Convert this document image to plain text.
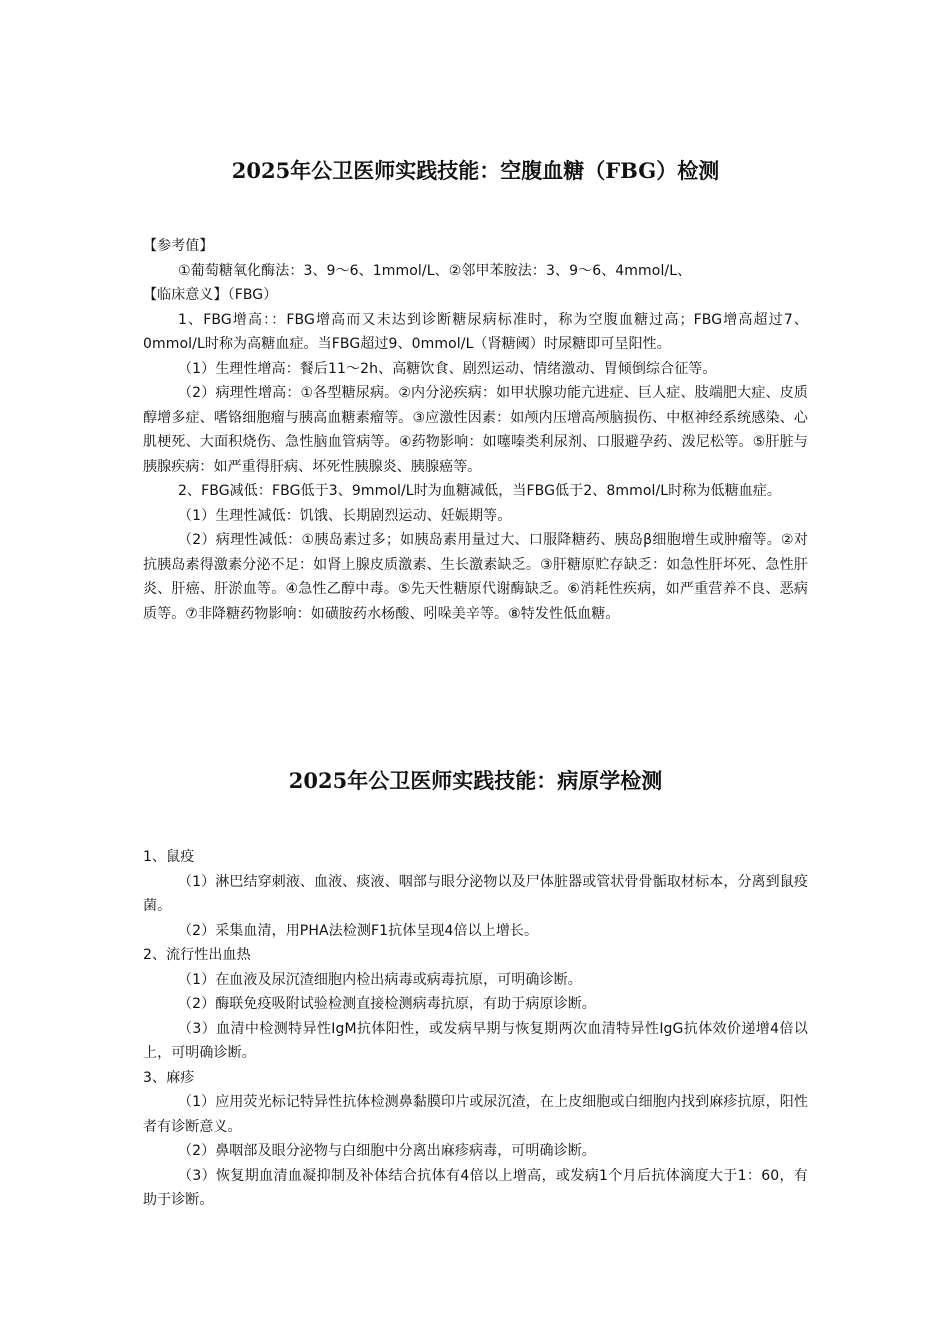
2025年公卫医师实践技能：空腹血糖（FBG）检测

【参考值】

①葡萄糖氧化酶法：3、9～6、1mmol/L、②邻甲苯胺法：3、9～6、4mmol/L、

【临床意义】（FBG）

1、FBG增高：：FBG增高而又未达到诊断糖尿病标准时，称为空腹血糖过高；FBG增高超过7、0mmol/L时称为高糖血症。当FBG超过9、0mmol/L（肾糖阈）时尿糖即可呈阳性。

（1）生理性增高：餐后11～2h、高糖饮食、剧烈运动、情绪激动、胃倾倒综合征等。

（2）病理性增高：①各型糖尿病。②内分泌疾病：如甲状腺功能亢进症、巨人症、肢端肥大症、皮质醇增多症、嗜铬细胞瘤与胰高血糖素瘤等。③应激性因素：如颅内压增高颅脑损伤、中枢神经系统感染、心肌梗死、大面积烧伤、急性脑血管病等。④药物影响：如噻嗪类利尿剂、口服避孕药、泼尼松等。⑤肝脏与胰腺疾病：如严重得肝病、坏死性胰腺炎、胰腺癌等。

2、FBG减低：FBG低于3、9mmol/L时为血糖减低，当FBG低于2、8mmol/L时称为低糖血症。

（1）生理性减低：饥饿、长期剧烈运动、妊娠期等。

（2）病理性减低：①胰岛素过多；如胰岛素用量过大、口服降糖药、胰岛β细胞增生或肿瘤等。②对抗胰岛素得激素分泌不足：如肾上腺皮质激素、生长激素缺乏。③肝糖原贮存缺乏：如急性肝坏死、急性肝炎、肝癌、肝淤血等。④急性乙醇中毒。⑤先天性糖原代谢酶缺乏。⑥消耗性疾病，如严重营养不良、恶病质等。⑦非降糖药物影响：如磺胺药水杨酸、吲哚美辛等。⑧特发性低血糖。

2025年公卫医师实践技能：病原学检测

1、鼠疫

（1）淋巴结穿刺液、血液、痰液、咽部与眼分泌物以及尸体脏器或管状骨骨骺取材标本，分离到鼠疫菌。

（2）采集血清，用PHA法检测F1抗体呈现4倍以上增长。

2、流行性出血热

（1）在血液及尿沉渣细胞内检出病毒或病毒抗原，可明确诊断。

（2）酶联免疫吸附试验检测直接检测病毒抗原，有助于病原诊断。

（3）血清中检测特异性IgM抗体阳性，或发病早期与恢复期两次血清特异性IgG抗体效价递增4倍以上，可明确诊断。

3、麻疹

（1）应用荧光标记特异性抗体检测鼻黏膜印片或尿沉渣，在上皮细胞或白细胞内找到麻疹抗原，阳性者有诊断意义。

（2）鼻咽部及眼分泌物与白细胞中分离出麻疹病毒，可明确诊断。

（3）恢复期血清血凝抑制及补体结合抗体有4倍以上增高，或发病1个月后抗体滴度大于1：60，有助于诊断。
